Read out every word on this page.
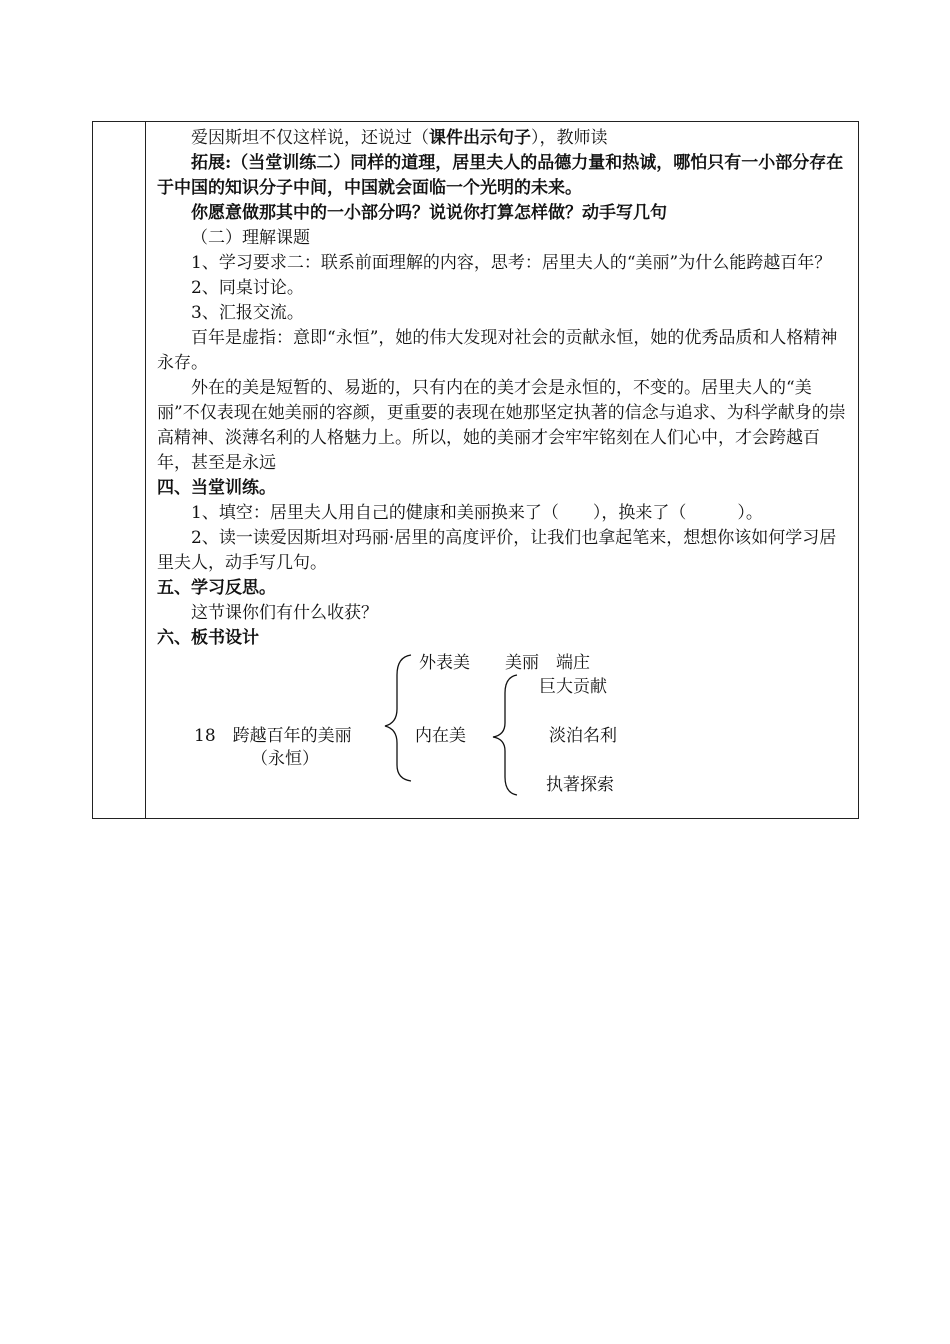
爱因斯坦不仅这样说，还说过（课件出示句子），教师读

拓展:（当堂训练二）同样的道理，居里夫人的品德力量和热诚，哪怕只有一小部分存在于中国的知识分子中间，中国就会面临一个光明的未来。

你愿意做那其中的一小部分吗？说说你打算怎样做？动手写几句

（二）理解课题

1、学习要求二：联系前面理解的内容，思考：居里夫人的“美丽”为什么能跨越百年？

2、同桌讨论。

3、汇报交流。

百年是虚指：意即“永恒”，她的伟大发现对社会的贡献永恒，她的优秀品质和人格精神永存。

外在的美是短暂的、易逝的，只有内在的美才会是永恒的，不变的。居里夫人的“美丽”不仅表现在她美丽的容颜，更重要的表现在她那坚定执著的信念与追求、为科学献身的崇高精神、淡薄名利的人格魅力上。所以，她的美丽才会牢牢铭刻在人们心中，才会跨越百年，甚至是永远

四、当堂训练。

1、填空：居里夫人用自己的健康和美丽换来了（　　），换来了（　　　）。

2、读一读爱因斯坦对玛丽·居里的高度评价，让我们也拿起笔来，想想你该如何学习居里夫人，动手写几句。

五、学习反思。

这节课你们有什么收获？

六、板书设计

外表美 美丽　端庄
巨大贡献
18　跨越百年的美丽
（永恒）
内在美	淡泊名利
执著探索
